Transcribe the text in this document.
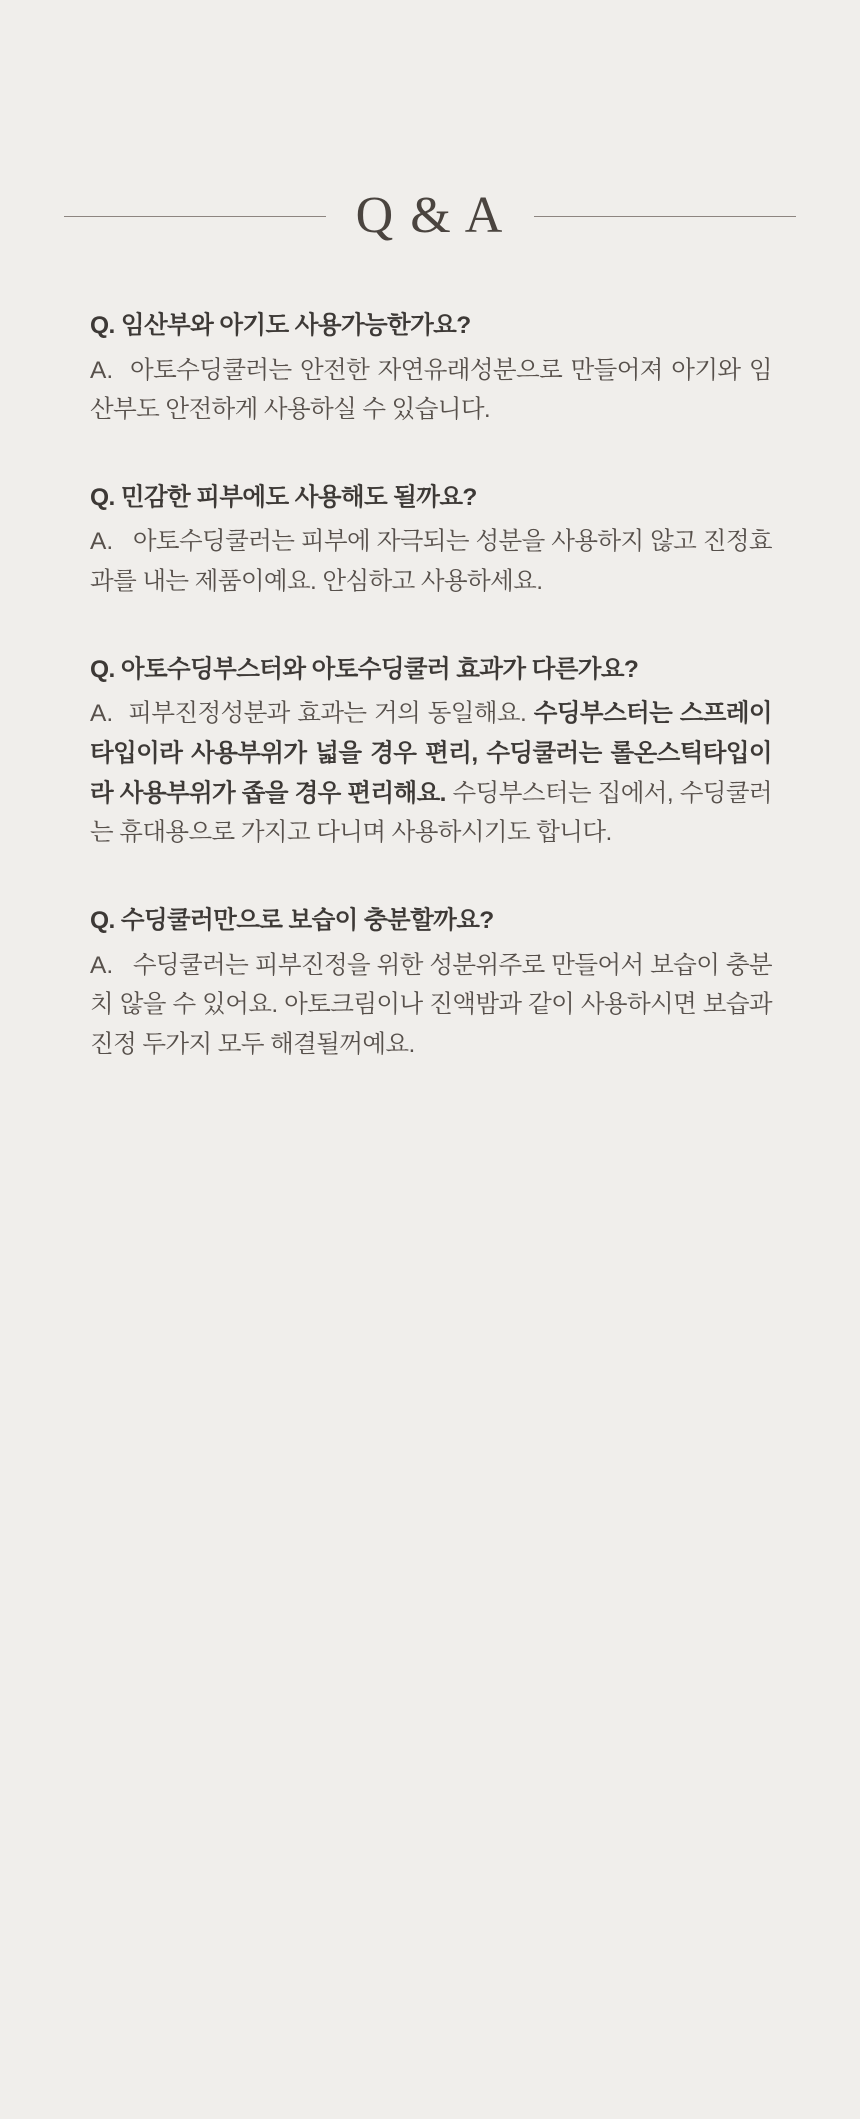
Q & A
Q. 임산부와 아기도 사용가능한가요?
A. 아토수딩쿨러는 안전한 자연유래성분으로 만들어져 아기와 임산부도 안전하게 사용하실 수 있습니다.
Q. 민감한 피부에도 사용해도 될까요?
A. 아토수딩쿨러는 피부에 자극되는 성분을 사용하지 않고 진정효과를 내는 제품이예요. 안심하고 사용하세요.
Q. 아토수딩부스터와 아토수딩쿨러 효과가 다른가요?
A. 피부진정성분과 효과는 거의 동일해요. 수딩부스터는 스프레이 타입이라 사용부위가 넓을 경우 편리, 수딩쿨러는 롤온스틱타입이라 사용부위가 좁을 경우 편리해요. 수딩부스터는 집에서, 수딩쿨러는 휴대용으로 가지고 다니며 사용하시기도 합니다.
Q. 수딩쿨러만으로 보습이 충분할까요?
A. 수딩쿨러는 피부진정을 위한 성분위주로 만들어서 보습이 충분치 않을 수 있어요. 아토크림이나 진액밤과 같이 사용하시면 보습과 진정 두가지 모두 해결될꺼예요.
